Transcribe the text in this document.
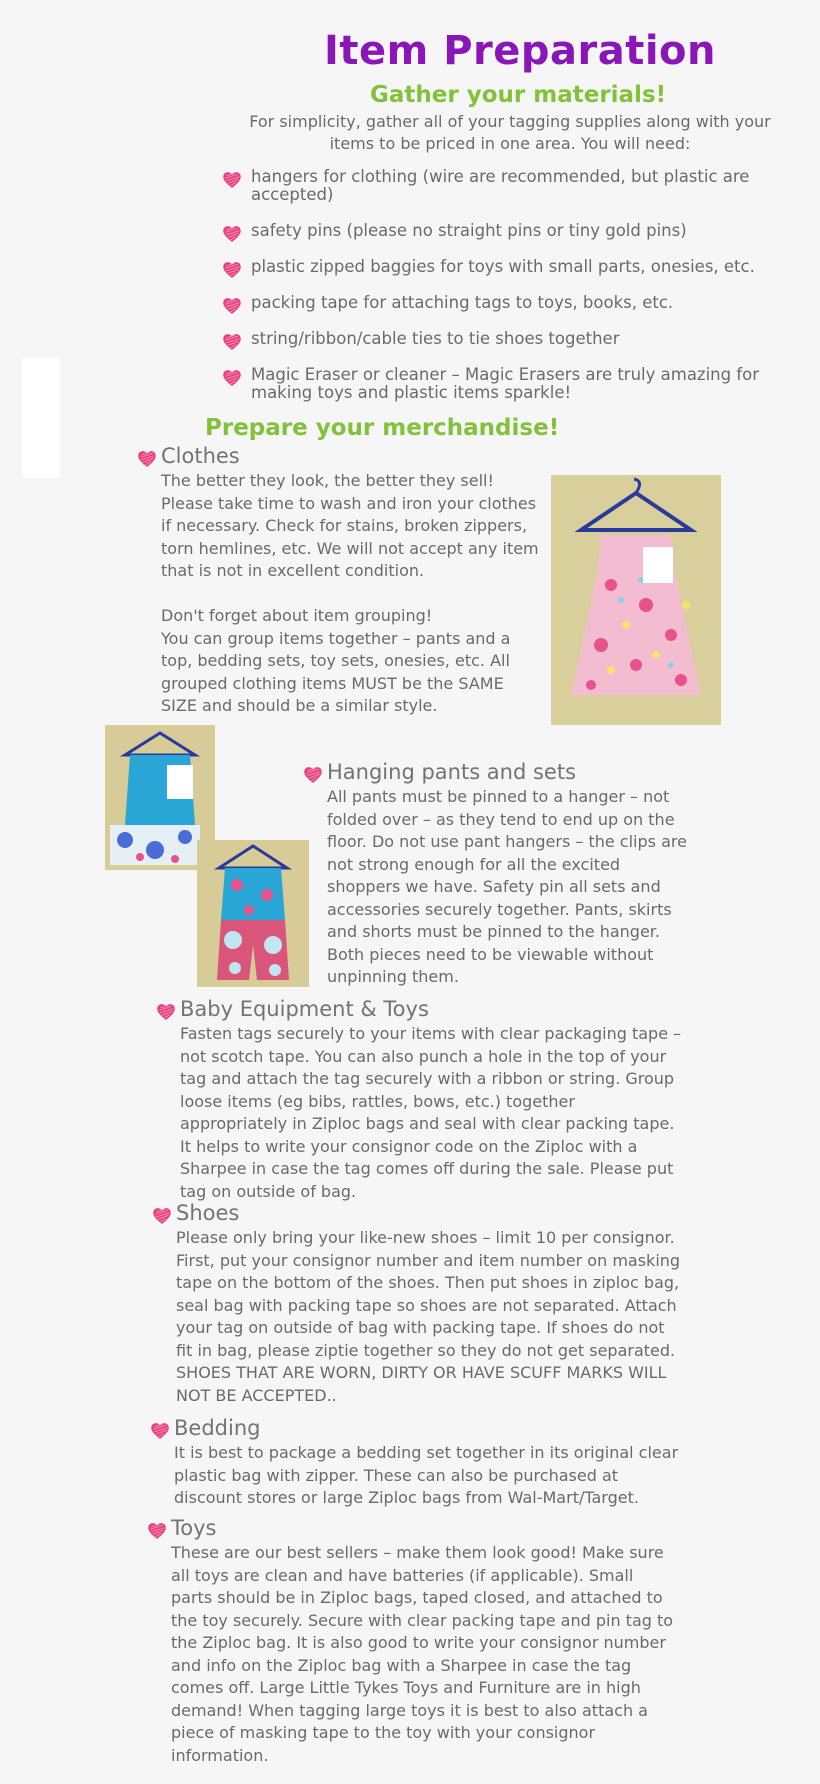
Item Preparation
Gather your materials!

For simplicity, gather all of your tagging supplies along with your items to be priced in one area. You will need:

hangers for clothing (wire are recommended, but plastic are accepted)
safety pins (please no straight pins or tiny gold pins)
plastic zipped baggies for toys with small parts, onesies, etc.
packing tape for attaching tags to toys, books, etc.
string/ribbon/cable ties to tie shoes together
Magic Eraser or cleaner – Magic Erasers are truly amazing for making toys and plastic items sparkle!
Prepare your merchandise!
Clothes

The better they look, the better they sell! Please take time to wash and iron your clothes if necessary. Check for stains, broken zippers, torn hemlines, etc. We will not accept any item that is not in excellent condition.

Don't forget about item grouping!
You can group items together – pants and a top, bedding sets, toy sets, onesies, etc. All grouped clothing items MUST be the SAME SIZE and should be a similar style.

Hanging pants and sets

All pants must be pinned to a hanger – not folded over – as they tend to end up on the floor. Do not use pant hangers – the clips are not strong enough for all the excited shoppers we have. Safety pin all sets and accessories securely together. Pants, skirts and shorts must be pinned to the hanger. Both pieces need to be viewable without unpinning them.

Baby Equipment & Toys

Fasten tags securely to your items with clear packaging tape – not scotch tape. You can also punch a hole in the top of your tag and attach the tag securely with a ribbon or string. Group loose items (eg bibs, rattles, bows, etc.) together appropriately in Ziploc bags and seal with clear packing tape. It helps to write your consignor code on the Ziploc with a Sharpee in case the tag comes off during the sale. Please put tag on outside of bag.

Shoes

Please only bring your like-new shoes – limit 10 per consignor. First, put your consignor number and item number on masking tape on the bottom of the shoes. Then put shoes in ziploc bag, seal bag with packing tape so shoes are not separated. Attach your tag on outside of bag with packing tape. If shoes do not fit in bag, please ziptie together so they do not get separated. SHOES THAT ARE WORN, DIRTY OR HAVE SCUFF MARKS WILL NOT BE ACCEPTED..

Bedding

It is best to package a bedding set together in its original clear plastic bag with zipper. These can also be purchased at discount stores or large Ziploc bags from Wal-Mart/Target.

Toys

These are our best sellers – make them look good! Make sure all toys are clean and have batteries (if applicable). Small parts should be in Ziploc bags, taped closed, and attached to the toy securely. Secure with clear packing tape and pin tag to the Ziploc bag. It is also good to write your consignor number and info on the Ziploc bag with a Sharpee in case the tag comes off. Large Little Tykes Toys and Furniture are in high demand! When tagging large toys it is best to also attach a piece of masking tape to the toy with your consignor information.
